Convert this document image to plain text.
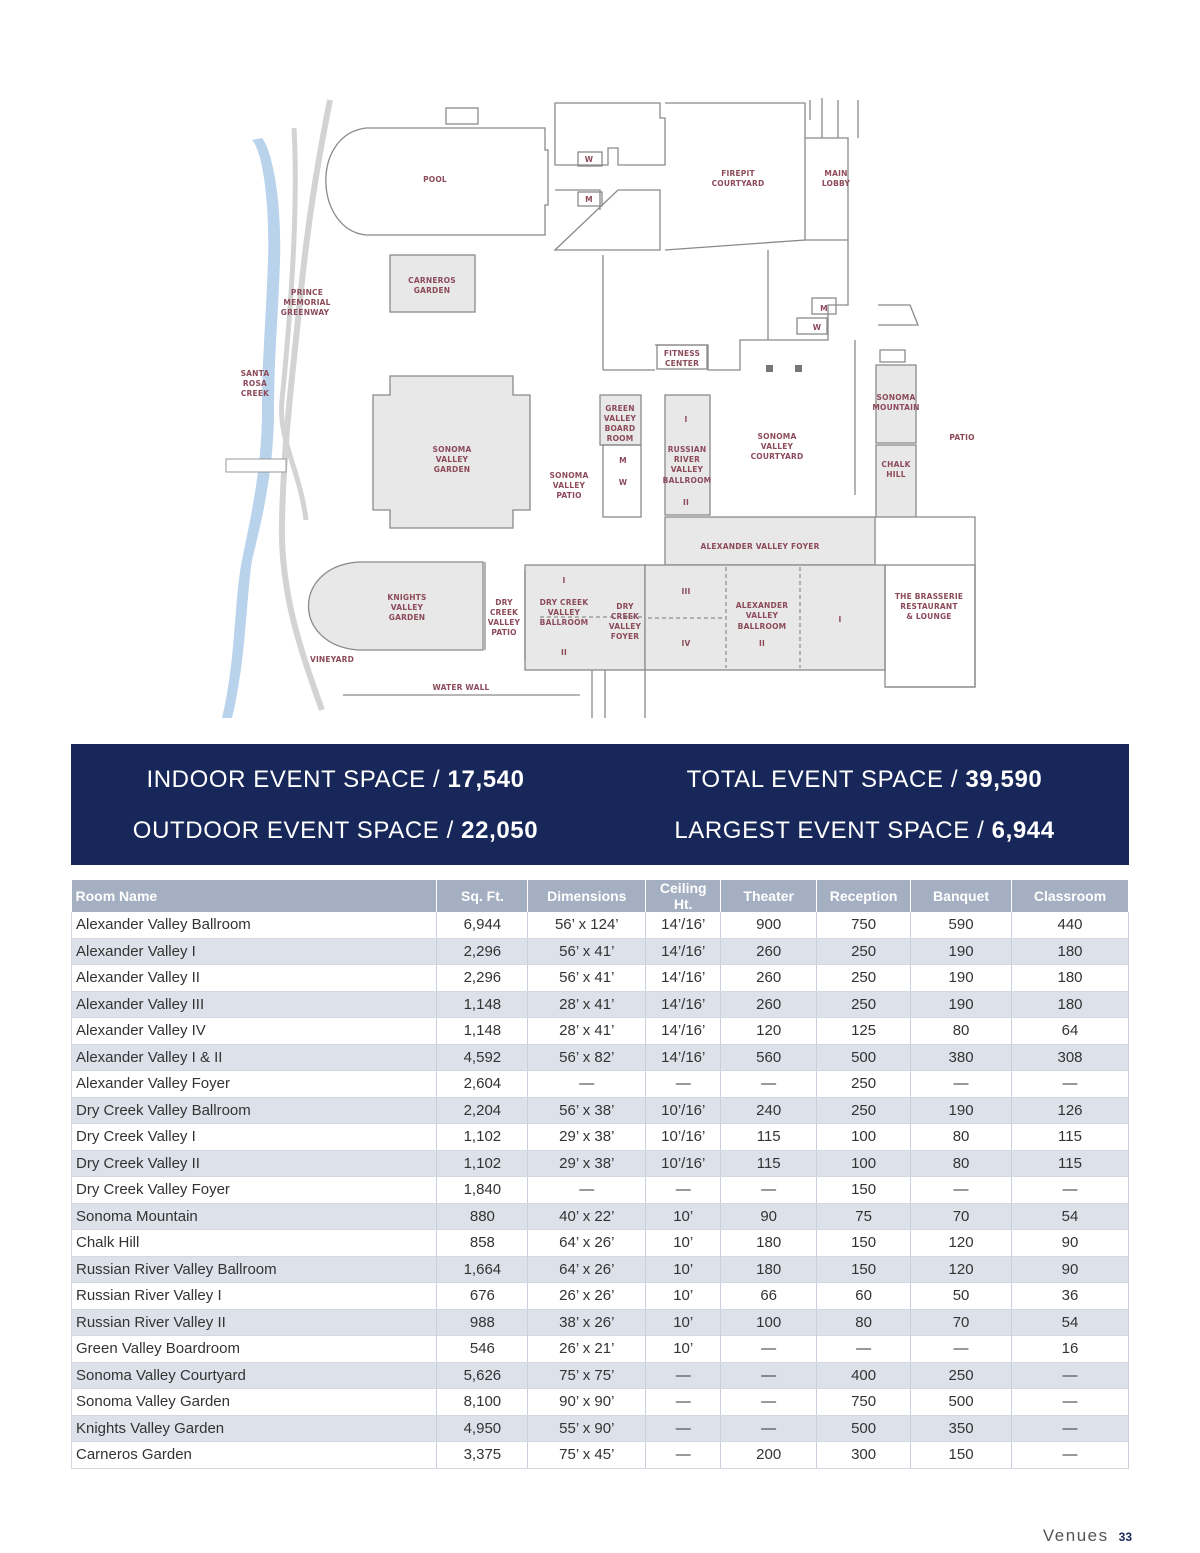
POOL
FIREPIT
COURTYARD
MAIN
LOBBY
W
M
CARNEROS
GARDEN
PRINCE
MEMORIAL
GREENWAY
SANTA
ROSA
CREEK
M
W
FITNESS
CENTER
GREEN
VALLEY
BOARD
ROOM
M
W
I
RUSSIAN
RIVER
VALLEY
BALLROOM
II
SONOMA
VALLEY
COURTYARD
SONOMA
MOUNTAIN
CHALK
HILL
PATIO
SONOMA
VALLEY
GARDEN
SONOMA
VALLEY
PATIO
ALEXANDER VALLEY FOYER
KNIGHTS
VALLEY
GARDEN
DRY
CREEK
VALLEY
PATIO
I
DRY CREEK
VALLEY
BALLROOM
II
DRY
CREEK
VALLEY
FOYER
III
IV
ALEXANDER
VALLEY
BALLROOM
II
I
THE BRASSERIE
RESTAURANT
& LOUNGE
VINEYARD
WATER WALL
INDOOR EVENT SPACE / 17,540	TOTAL EVENT SPACE / 39,590
OUTDOOR EVENT SPACE / 22,050	LARGEST EVENT SPACE / 6,944
Room Name	Sq. Ft.	Dimensions	Ceiling Ht.	Theater	Reception	Banquet	Classroom
Alexander Valley Ballroom	6,944	56’ x 124’	14’/16’	900	750	590	440
Alexander Valley I	2,296	56’ x 41’	14’/16’	260	250	190	180
Alexander Valley II	2,296	56’ x 41’	14’/16’	260	250	190	180
Alexander Valley III	1,148	28’ x 41’	14’/16’	260	250	190	180
Alexander Valley IV	1,148	28’ x 41’	14’/16’	120	125	80	64
Alexander Valley I & II	4,592	56’ x 82’	14’/16’	560	500	380	308
Alexander Valley Foyer	2,604	—	—	—	250	—	—
Dry Creek Valley Ballroom	2,204	56’ x 38’	10’/16’	240	250	190	126
Dry Creek Valley I	1,102	29’ x 38’	10’/16’	115	100	80	115
Dry Creek Valley II	1,102	29’ x 38’	10’/16’	115	100	80	115
Dry Creek Valley Foyer	1,840	—	—	—	150	—	—
Sonoma Mountain	880	40’ x 22’	10’	90	75	70	54
Chalk Hill	858	64’ x 26’	10’	180	150	120	90
Russian River Valley Ballroom	1,664	64’ x 26’	10’	180	150	120	90
Russian River Valley I	676	26’ x 26’	10’	66	60	50	36
Russian River Valley II	988	38’ x 26’	10’	100	80	70	54
Green Valley Boardroom	546	26’ x 21’	10’	—	—	—	16
Sonoma Valley Courtyard	5,626	75’ x 75’	—	—	400	250	—
Sonoma Valley Garden	8,100	90’ x 90’	—	—	750	500	—
Knights Valley Garden	4,950	55’ x 90’	—	—	500	350	—
Carneros Garden	3,375	75’ x 45’	—	200	300	150	—
Venues 33
